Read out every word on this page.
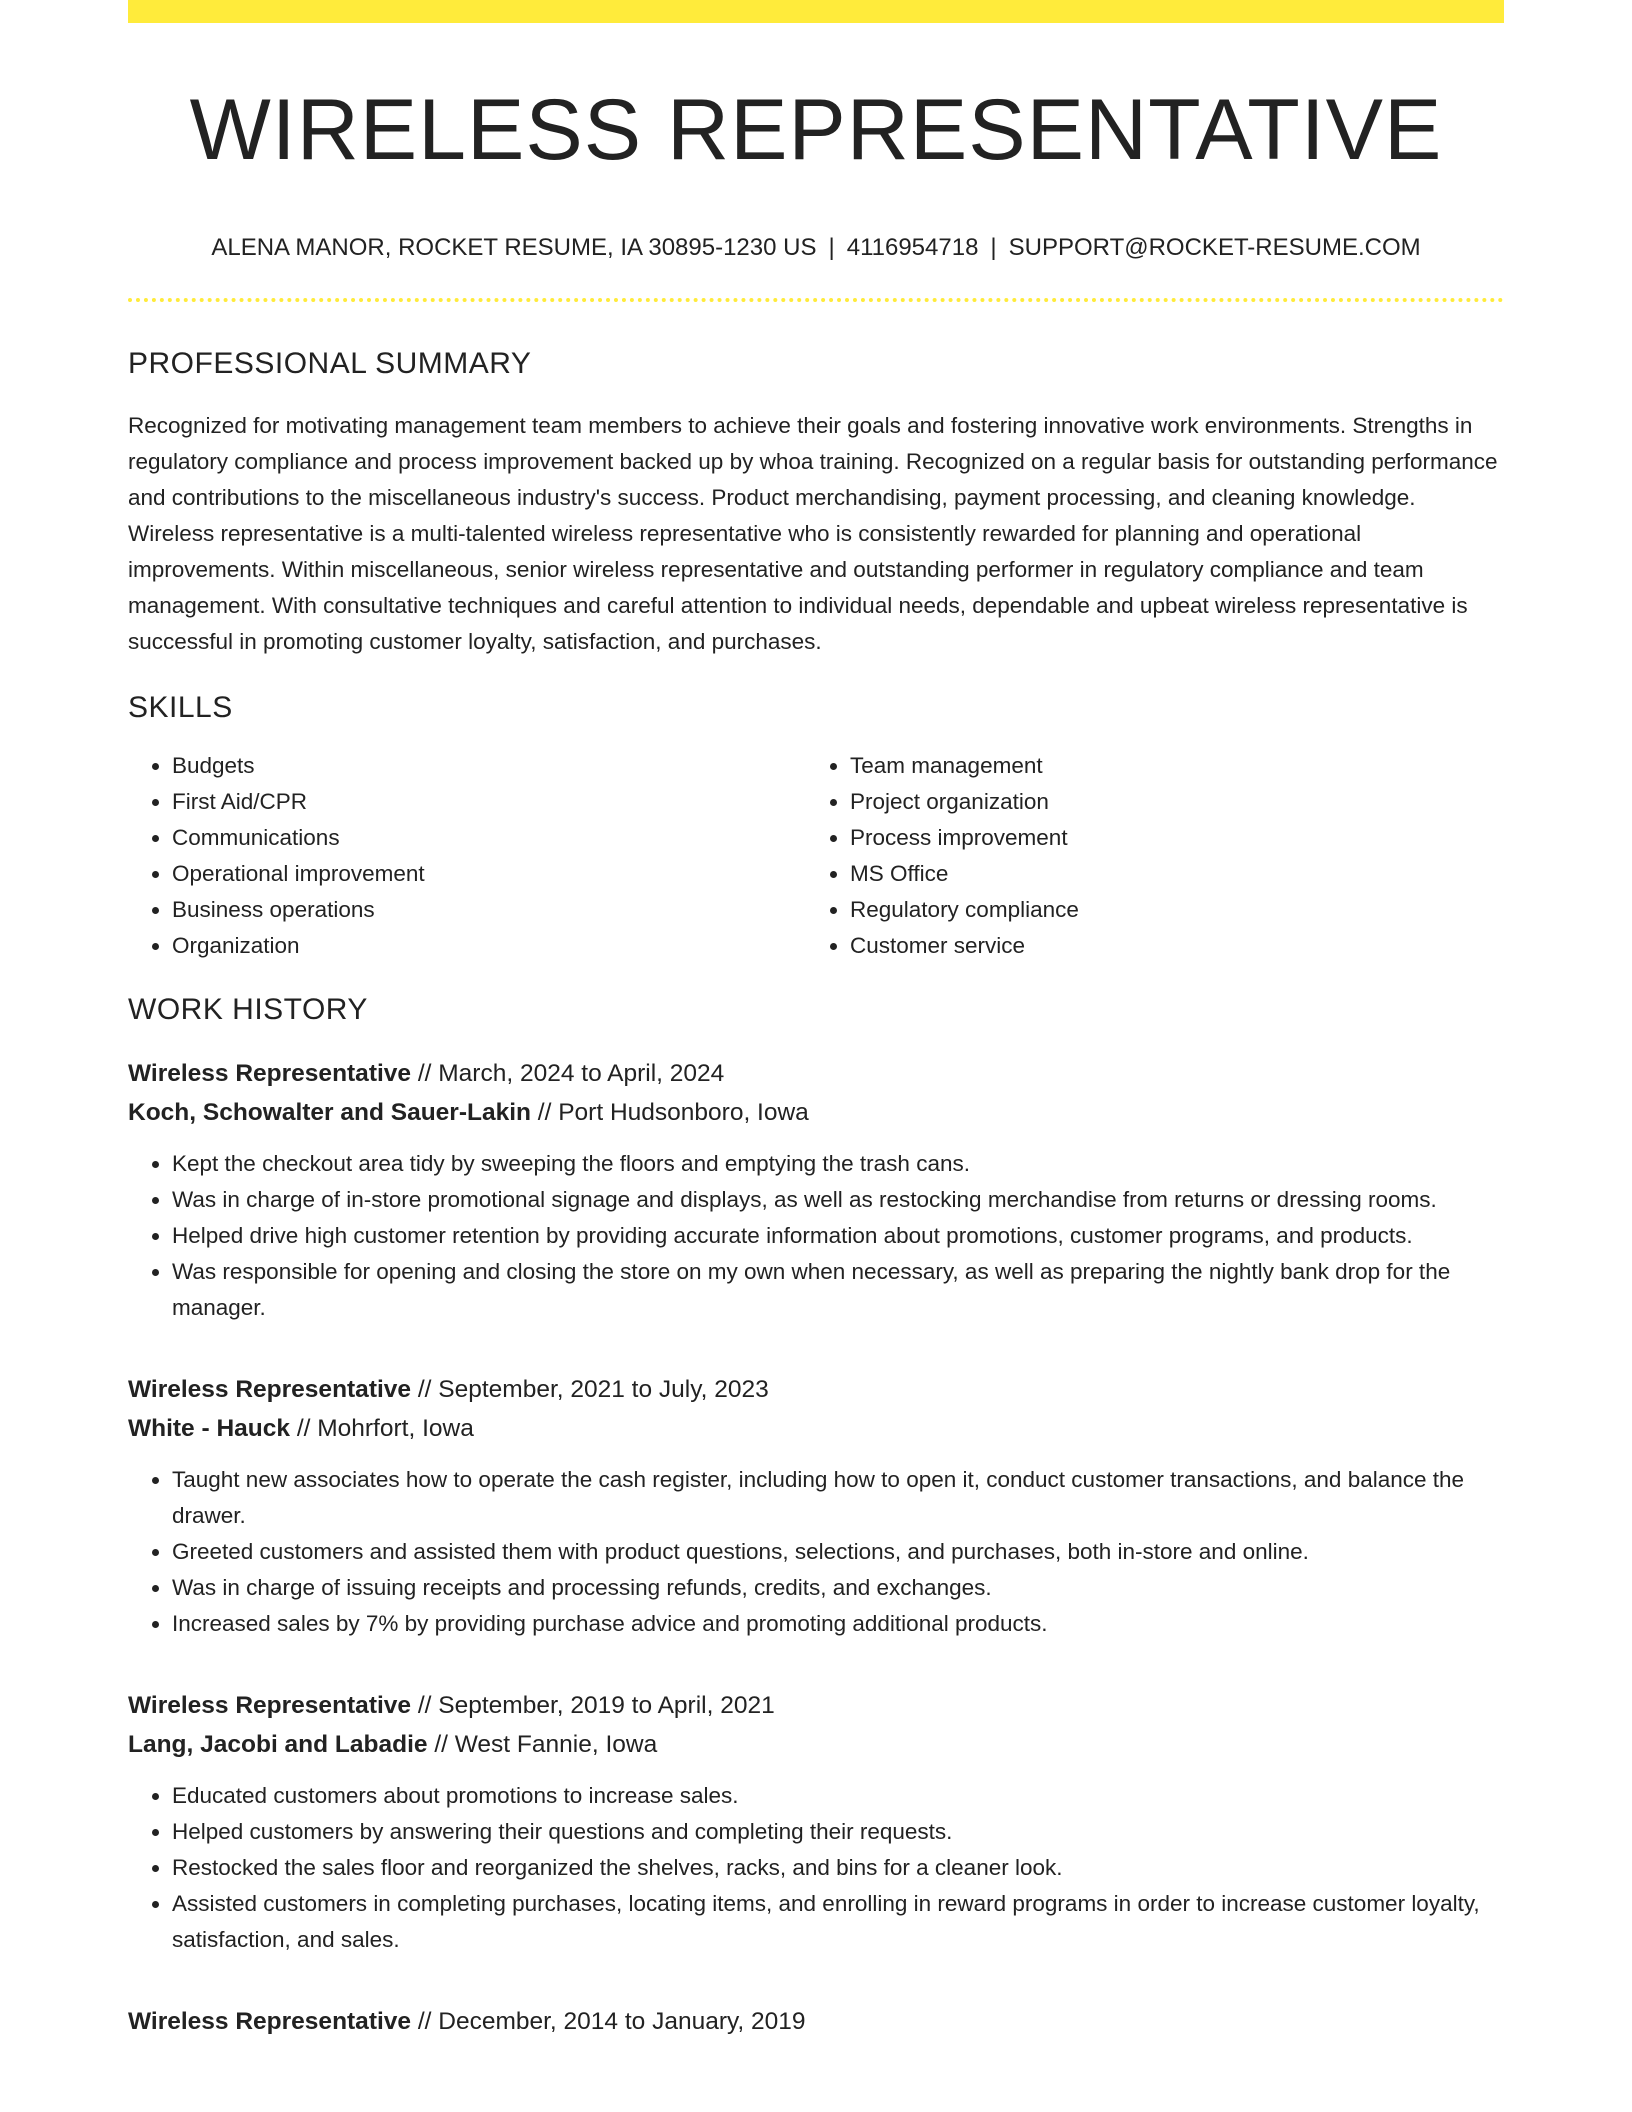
WIRELESS REPRESENTATIVE
ALENA MANOR, ROCKET RESUME, IA 30895-1230 US | 4116954718 | SUPPORT@ROCKET-RESUME.COM
PROFESSIONAL SUMMARY

Recognized for motivating management team members to achieve their goals and fostering innovative work environments. Strengths in regulatory compliance and process improvement backed up by whoa training. Recognized on a regular basis for outstanding performance and contributions to the miscellaneous industry's success. Product merchandising, payment processing, and cleaning knowledge. Wireless representative is a multi-talented wireless representative who is consistently rewarded for planning and operational improvements. Within miscellaneous, senior wireless representative and outstanding performer in regulatory compliance and team management. With consultative techniques and careful attention to individual needs, dependable and upbeat wireless representative is successful in promoting customer loyalty, satisfaction, and purchases.

SKILLS
• Budgets
• First Aid/CPR
• Communications
• Operational improvement
• Business operations
• Organization
• Team management
• Project organization
• Process improvement
• MS Office
• Regulatory compliance
• Customer service
WORK HISTORY
Wireless Representative // March, 2024 to April, 2024
Koch, Schowalter and Sauer-Lakin // Port Hudsonboro, Iowa
• Kept the checkout area tidy by sweeping the floors and emptying the trash cans.
• Was in charge of in-store promotional signage and displays, as well as restocking merchandise from returns or dressing rooms.
• Helped drive high customer retention by providing accurate information about promotions, customer programs, and products.
• Was responsible for opening and closing the store on my own when necessary, as well as preparing the nightly bank drop for the manager.
Wireless Representative // September, 2021 to July, 2023
White - Hauck // Mohrfort, Iowa
• Taught new associates how to operate the cash register, including how to open it, conduct customer transactions, and balance the drawer.
• Greeted customers and assisted them with product questions, selections, and purchases, both in-store and online.
• Was in charge of issuing receipts and processing refunds, credits, and exchanges.
• Increased sales by 7% by providing purchase advice and promoting additional products.
Wireless Representative // September, 2019 to April, 2021
Lang, Jacobi and Labadie // West Fannie, Iowa
• Educated customers about promotions to increase sales.
• Helped customers by answering their questions and completing their requests.
• Restocked the sales floor and reorganized the shelves, racks, and bins for a cleaner look.
• Assisted customers in completing purchases, locating items, and enrolling in reward programs in order to increase customer loyalty, satisfaction, and sales.
Wireless Representative // December, 2014 to January, 2019
